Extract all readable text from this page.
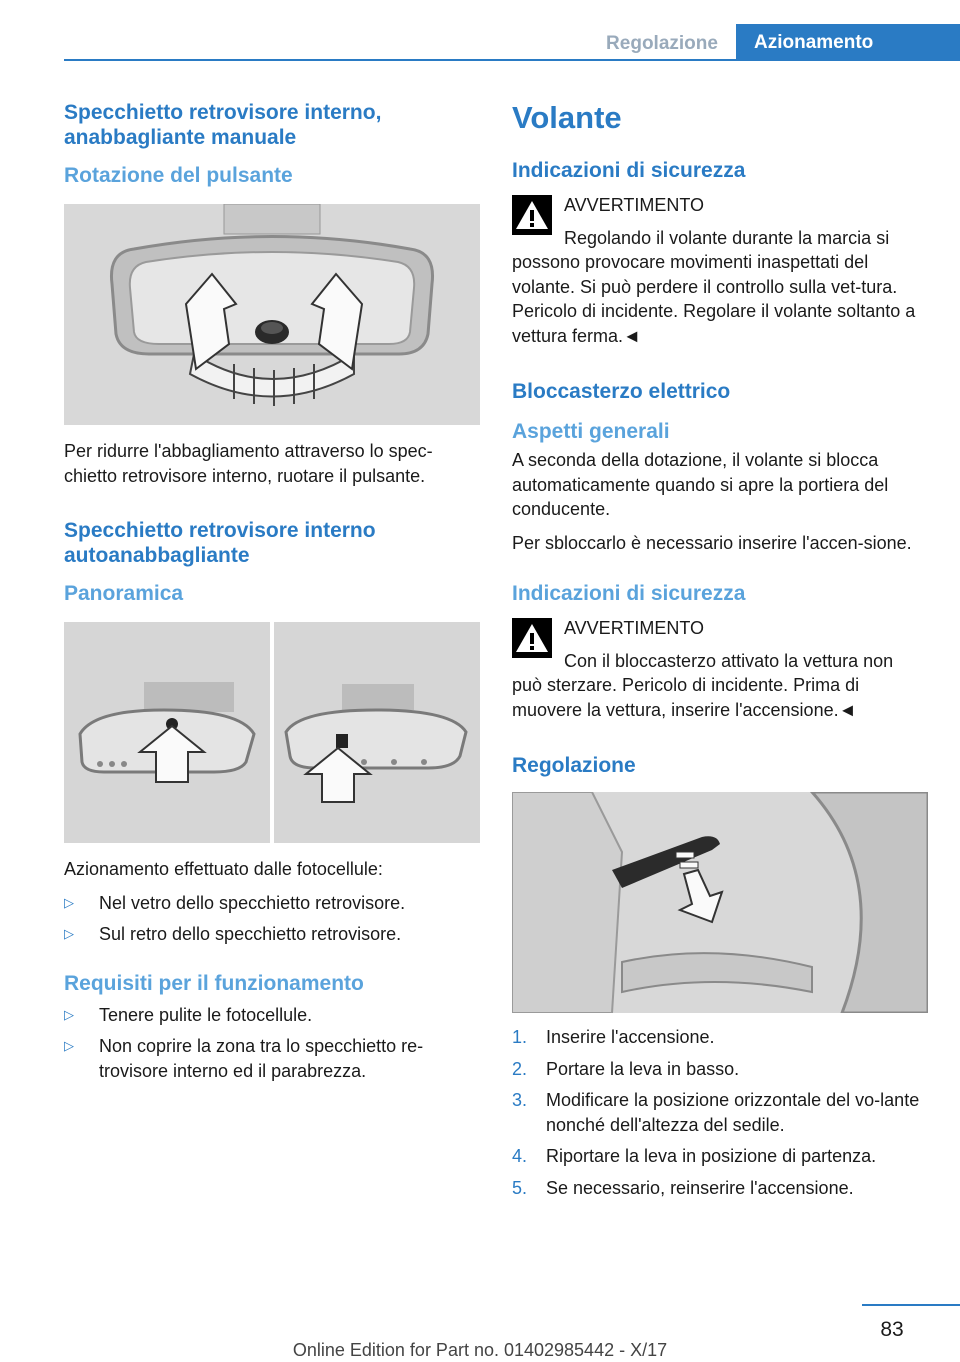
Regolazione	Azionamento
Specchietto retrovisore interno, anabbagliante manuale
Rotazione del pulsante

Per ridurre l'abbagliamento attraverso lo spec-chietto retrovisore interno, ruotare il pulsante.

Specchietto retrovisore interno autoanabbagliante
Panoramica

Azionamento effettuato dalle fotocellule:

▷ Nel vetro dello specchietto retrovisore.
▷ Sul retro dello specchietto retrovisore.
Requisiti per il funzionamento
▷ Tenere pulite le fotocellule.
▷ Non coprire la zona tra lo specchietto re-trovisore interno ed il parabrezza.
Volante
Indicazioni di sicurezza

AVVERTIMENTO

Regolando il volante durante la marcia si possono provocare movimenti inaspettati del volante. Si può perdere il controllo sulla vet-tura. Pericolo di incidente. Regolare il volante soltanto a vettura ferma.◄

Bloccasterzo elettrico
Aspetti generali

A seconda della dotazione, il volante si blocca automaticamente quando si apre la portiera del conducente.

Per sbloccarlo è necessario inserire l'accen-sione.

Indicazioni di sicurezza

AVVERTIMENTO

Con il bloccasterzo attivato la vettura non può sterzare. Pericolo di incidente. Prima di muovere la vettura, inserire l'accensione.◄

Regolazione
1. Inserire l'accensione.
2. Portare la leva in basso.
3. Modificare la posizione orizzontale del vo-lante nonché dell'altezza del sedile.
4. Riportare la leva in posizione di partenza.
5. Se necessario, reinserire l'accensione.
83
Online Edition for Part no. 01402985442 - X/17
